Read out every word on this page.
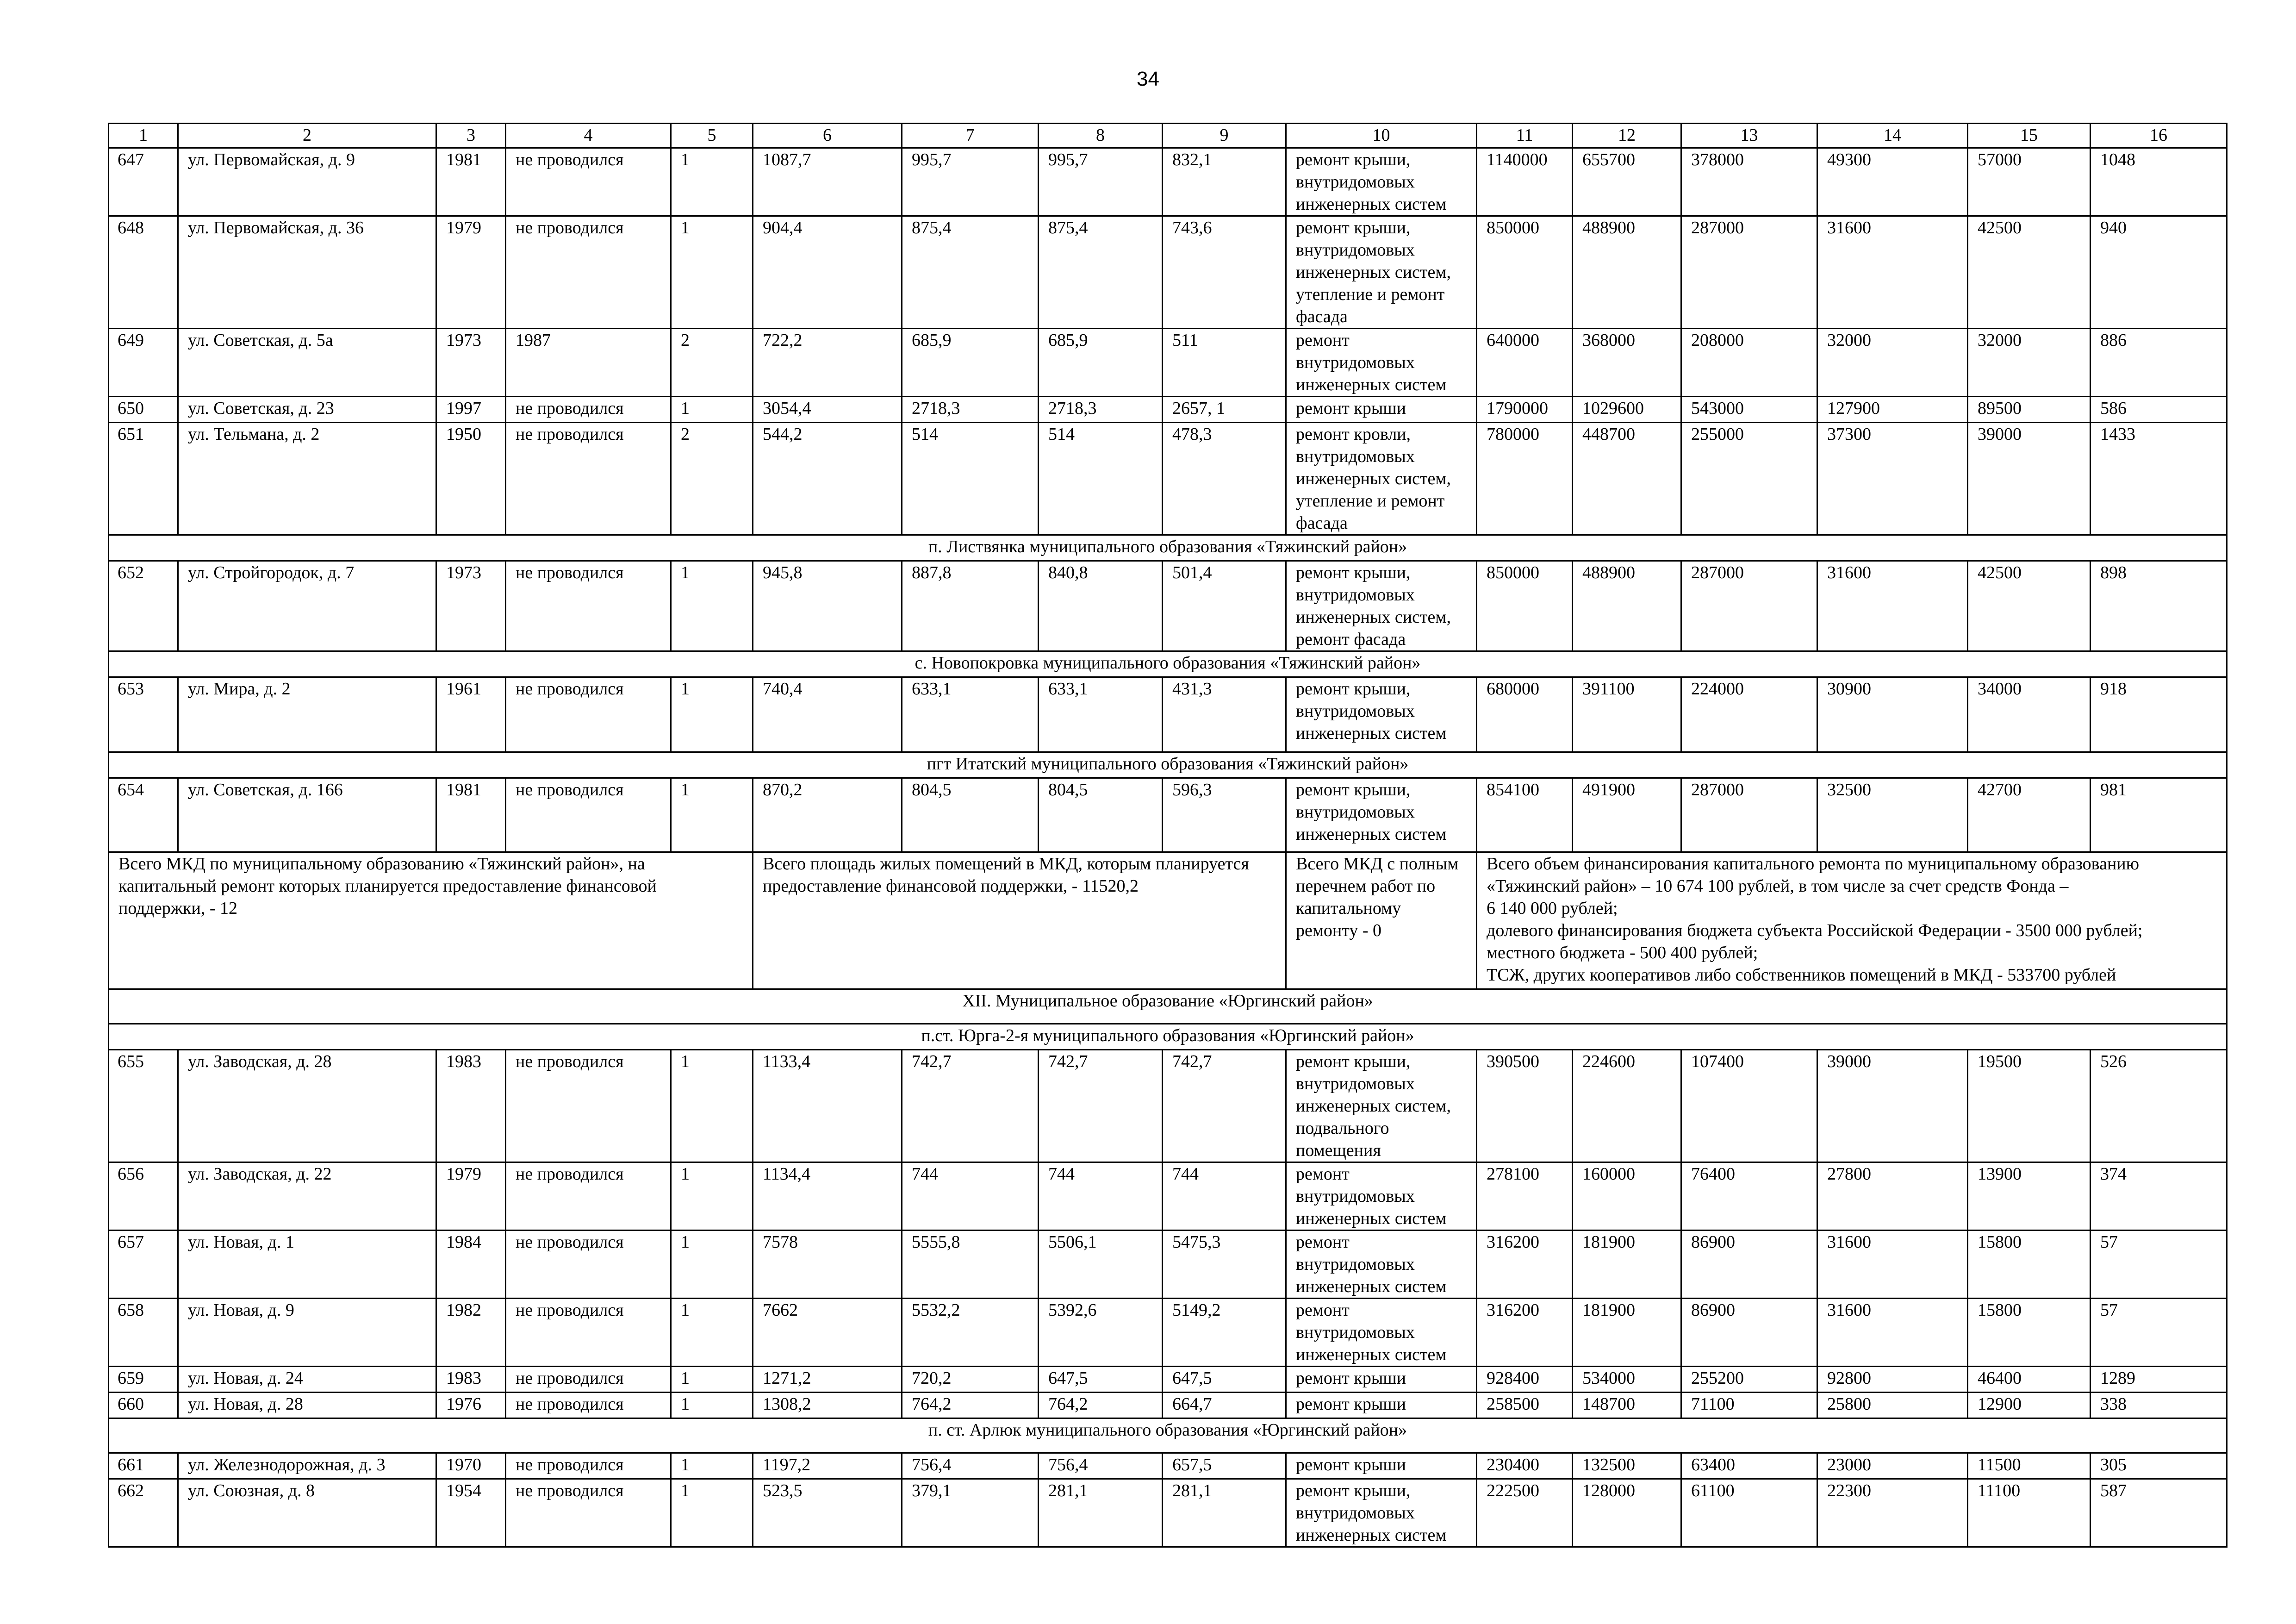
34
1	2	3	4	5	6	7	8	9	10	11	12	13	14	15	16
647	ул. Первомайская, д. 9	1981	не проводился	1	1087,7	995,7	995,7	832,1	ремонт крыши, внутридомовых инженерных систем	1140000	655700	378000	49300	57000	1048
648	ул. Первомайская, д. 36	1979	не проводился	1	904,4	875,4	875,4	743,6	ремонт крыши, внутридомовых инженерных систем, утепление и ремонт фасада	850000	488900	287000	31600	42500	940
649	ул. Советская, д. 5а	1973	1987	2	722,2	685,9	685,9	511	ремонт внутридомовых инженерных систем	640000	368000	208000	32000	32000	886
650	ул. Советская, д. 23	1997	не проводился	1	3054,4	2718,3	2718,3	2657, 1	ремонт крыши	1790000	1029600	543000	127900	89500	586
651	ул. Тельмана, д. 2	1950	не проводился	2	544,2	514	514	478,3	ремонт кровли, внутридомовых инженерных систем, утепление и ремонт фасада	780000	448700	255000	37300	39000	1433
п. Листвянка муниципального образования «Тяжинский район»															
652	ул. Стройгородок, д. 7	1973	не проводился	1	945,8	887,8	840,8	501,4	ремонт крыши, внутридомовых инженерных систем, ремонт фасада	850000	488900	287000	31600	42500	898
с. Новопокровка муниципального образования «Тяжинский район»															
653	ул. Мира, д. 2	1961	не проводился	1	740,4	633,1	633,1	431,3	ремонт крыши, внутридомовых инженерных систем	680000	391100	224000	30900	34000	918
пгт Итатский муниципального образования «Тяжинский район»															
654	ул. Советская, д. 166	1981	не проводился	1	870,2	804,5	804,5	596,3	ремонт крыши, внутридомовых инженерных систем	854100	491900	287000	32500	42700	981
Всего МКД по муниципальному образованию «Тяжинский район», на капитальный ремонт которых планируется предоставление финансовой поддержки, - 12					Всего площадь жилых помещений в МКД, которым планируется предоставление финансовой поддержки, - 11520,2				Всего МКД с полным перечнем работ по капитальному ремонту - 0	Всего объем финансирования капитального ремонта по муниципальному образованию «Тяжинский район» – 10 674 100 рублей, в том числе за счет средств Фонда –
6 140 000 рублей;
долевого финансирования бюджета субъекта Российской Федерации - 3500 000 рублей;
местного бюджета - 500 400 рублей;
ТСЖ, других кооперативов либо собственников помещений в МКД - 533700 рублей					

XII. Муниципальное образование «Юргинский район»															
п.ст. Юрга-2-я муниципального образования «Юргинский район»															
655	ул. Заводская, д. 28	1983	не проводился	1	1133,4	742,7	742,7	742,7	ремонт крыши, внутридомовых инженерных систем, подвального помещения	390500	224600	107400	39000	19500	526
656	ул. Заводская, д. 22	1979	не проводился	1	1134,4	744	744	744	ремонт внутридомовых инженерных систем	278100	160000	76400	27800	13900	374
657	ул. Новая, д. 1	1984	не проводился	1	7578	5555,8	5506,1	5475,3	ремонт внутридомовых инженерных систем	316200	181900	86900	31600	15800	57
658	ул. Новая, д. 9	1982	не проводился	1	7662	5532,2	5392,6	5149,2	ремонт внутридомовых инженерных систем	316200	181900	86900	31600	15800	57
659	ул. Новая, д. 24	1983	не проводился	1	1271,2	720,2	647,5	647,5	ремонт крыши	928400	534000	255200	92800	46400	1289
660	ул. Новая, д. 28	1976	не проводился	1	1308,2	764,2	764,2	664,7	ремонт крыши	258500	148700	71100	25800	12900	338
п. ст. Арлюк муниципального образования «Юргинский район»															
661	ул. Железнодорожная, д. 3	1970	не проводился	1	1197,2	756,4	756,4	657,5	ремонт крыши	230400	132500	63400	23000	11500	305
662	ул. Союзная, д. 8	1954	не проводился	1	523,5	379,1	281,1	281,1	ремонт крыши, внутридомовых инженерных систем	222500	128000	61100	22300	11100	587
